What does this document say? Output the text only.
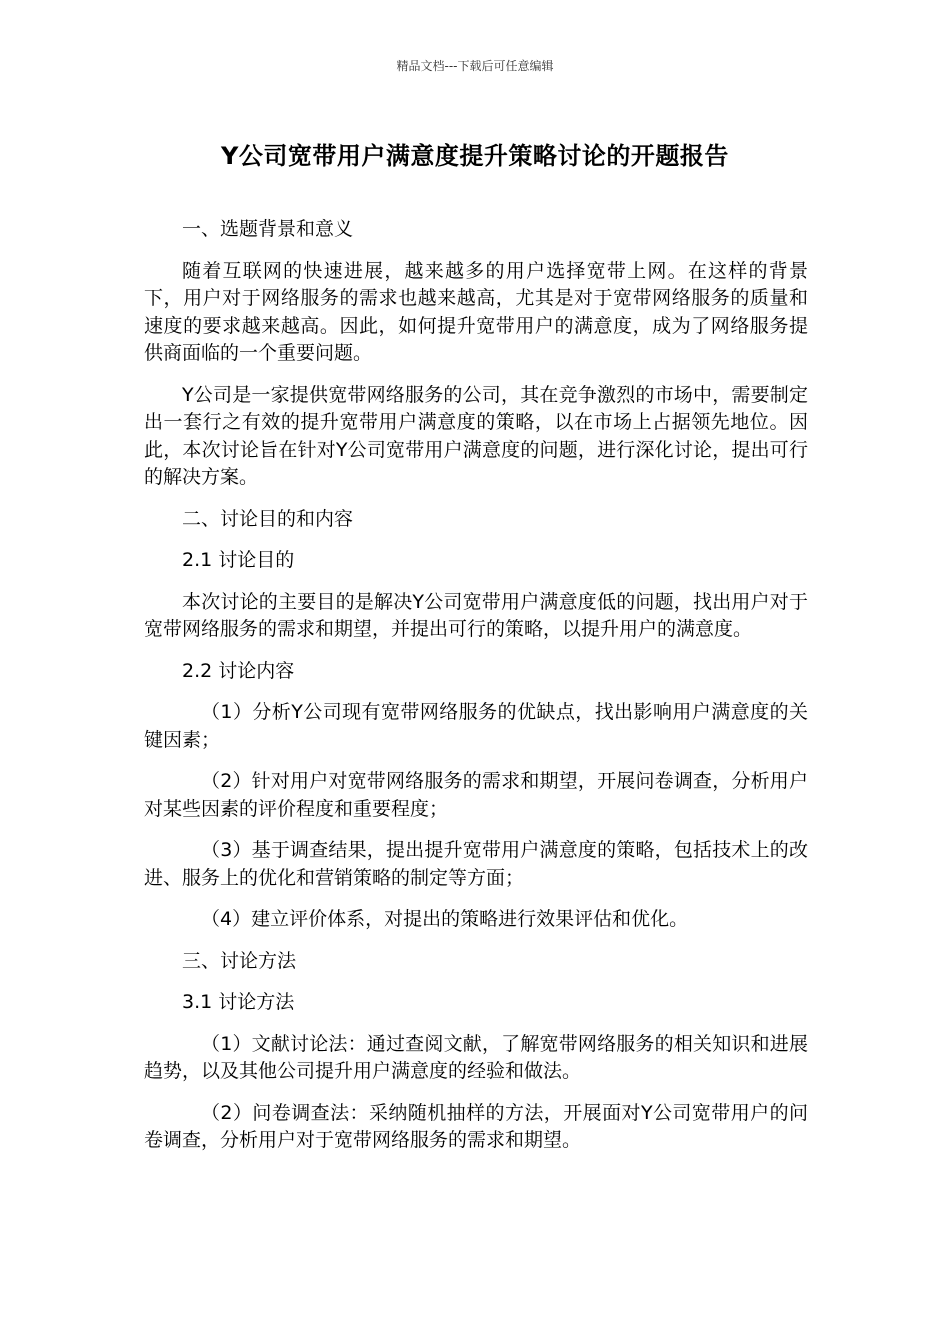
精品文档---下载后可任意编辑
Y公司宽带用户满意度提升策略讨论的开题报告

一、选题背景和意义

随着互联网的快速进展，越来越多的用户选择宽带上网。在这样的背景下，用户对于网络服务的需求也越来越高，尤其是对于宽带网络服务的质量和速度的要求越来越高。因此，如何提升宽带用户的满意度，成为了网络服务提供商面临的一个重要问题。

Y公司是一家提供宽带网络服务的公司，其在竞争激烈的市场中，需要制定出一套行之有效的提升宽带用户满意度的策略，以在市场上占据领先地位。因此，本次讨论旨在针对Y公司宽带用户满意度的问题，进行深化讨论，提出可行的解决方案。

二、讨论目的和内容

2.1 讨论目的

本次讨论的主要目的是解决Y公司宽带用户满意度低的问题，找出用户对于宽带网络服务的需求和期望，并提出可行的策略，以提升用户的满意度。

2.2 讨论内容

（1）分析Y公司现有宽带网络服务的优缺点，找出影响用户满意度的关键因素；

（2）针对用户对宽带网络服务的需求和期望，开展问卷调查，分析用户对某些因素的评价程度和重要程度；

（3）基于调查结果，提出提升宽带用户满意度的策略，包括技术上的改进、服务上的优化和营销策略的制定等方面；

（4）建立评价体系，对提出的策略进行效果评估和优化。

三、讨论方法

3.1 讨论方法

（1）文献讨论法：通过查阅文献，了解宽带网络服务的相关知识和进展趋势，以及其他公司提升用户满意度的经验和做法。

（2）问卷调查法：采纳随机抽样的方法，开展面对Y公司宽带用户的问卷调查，分析用户对于宽带网络服务的需求和期望。
